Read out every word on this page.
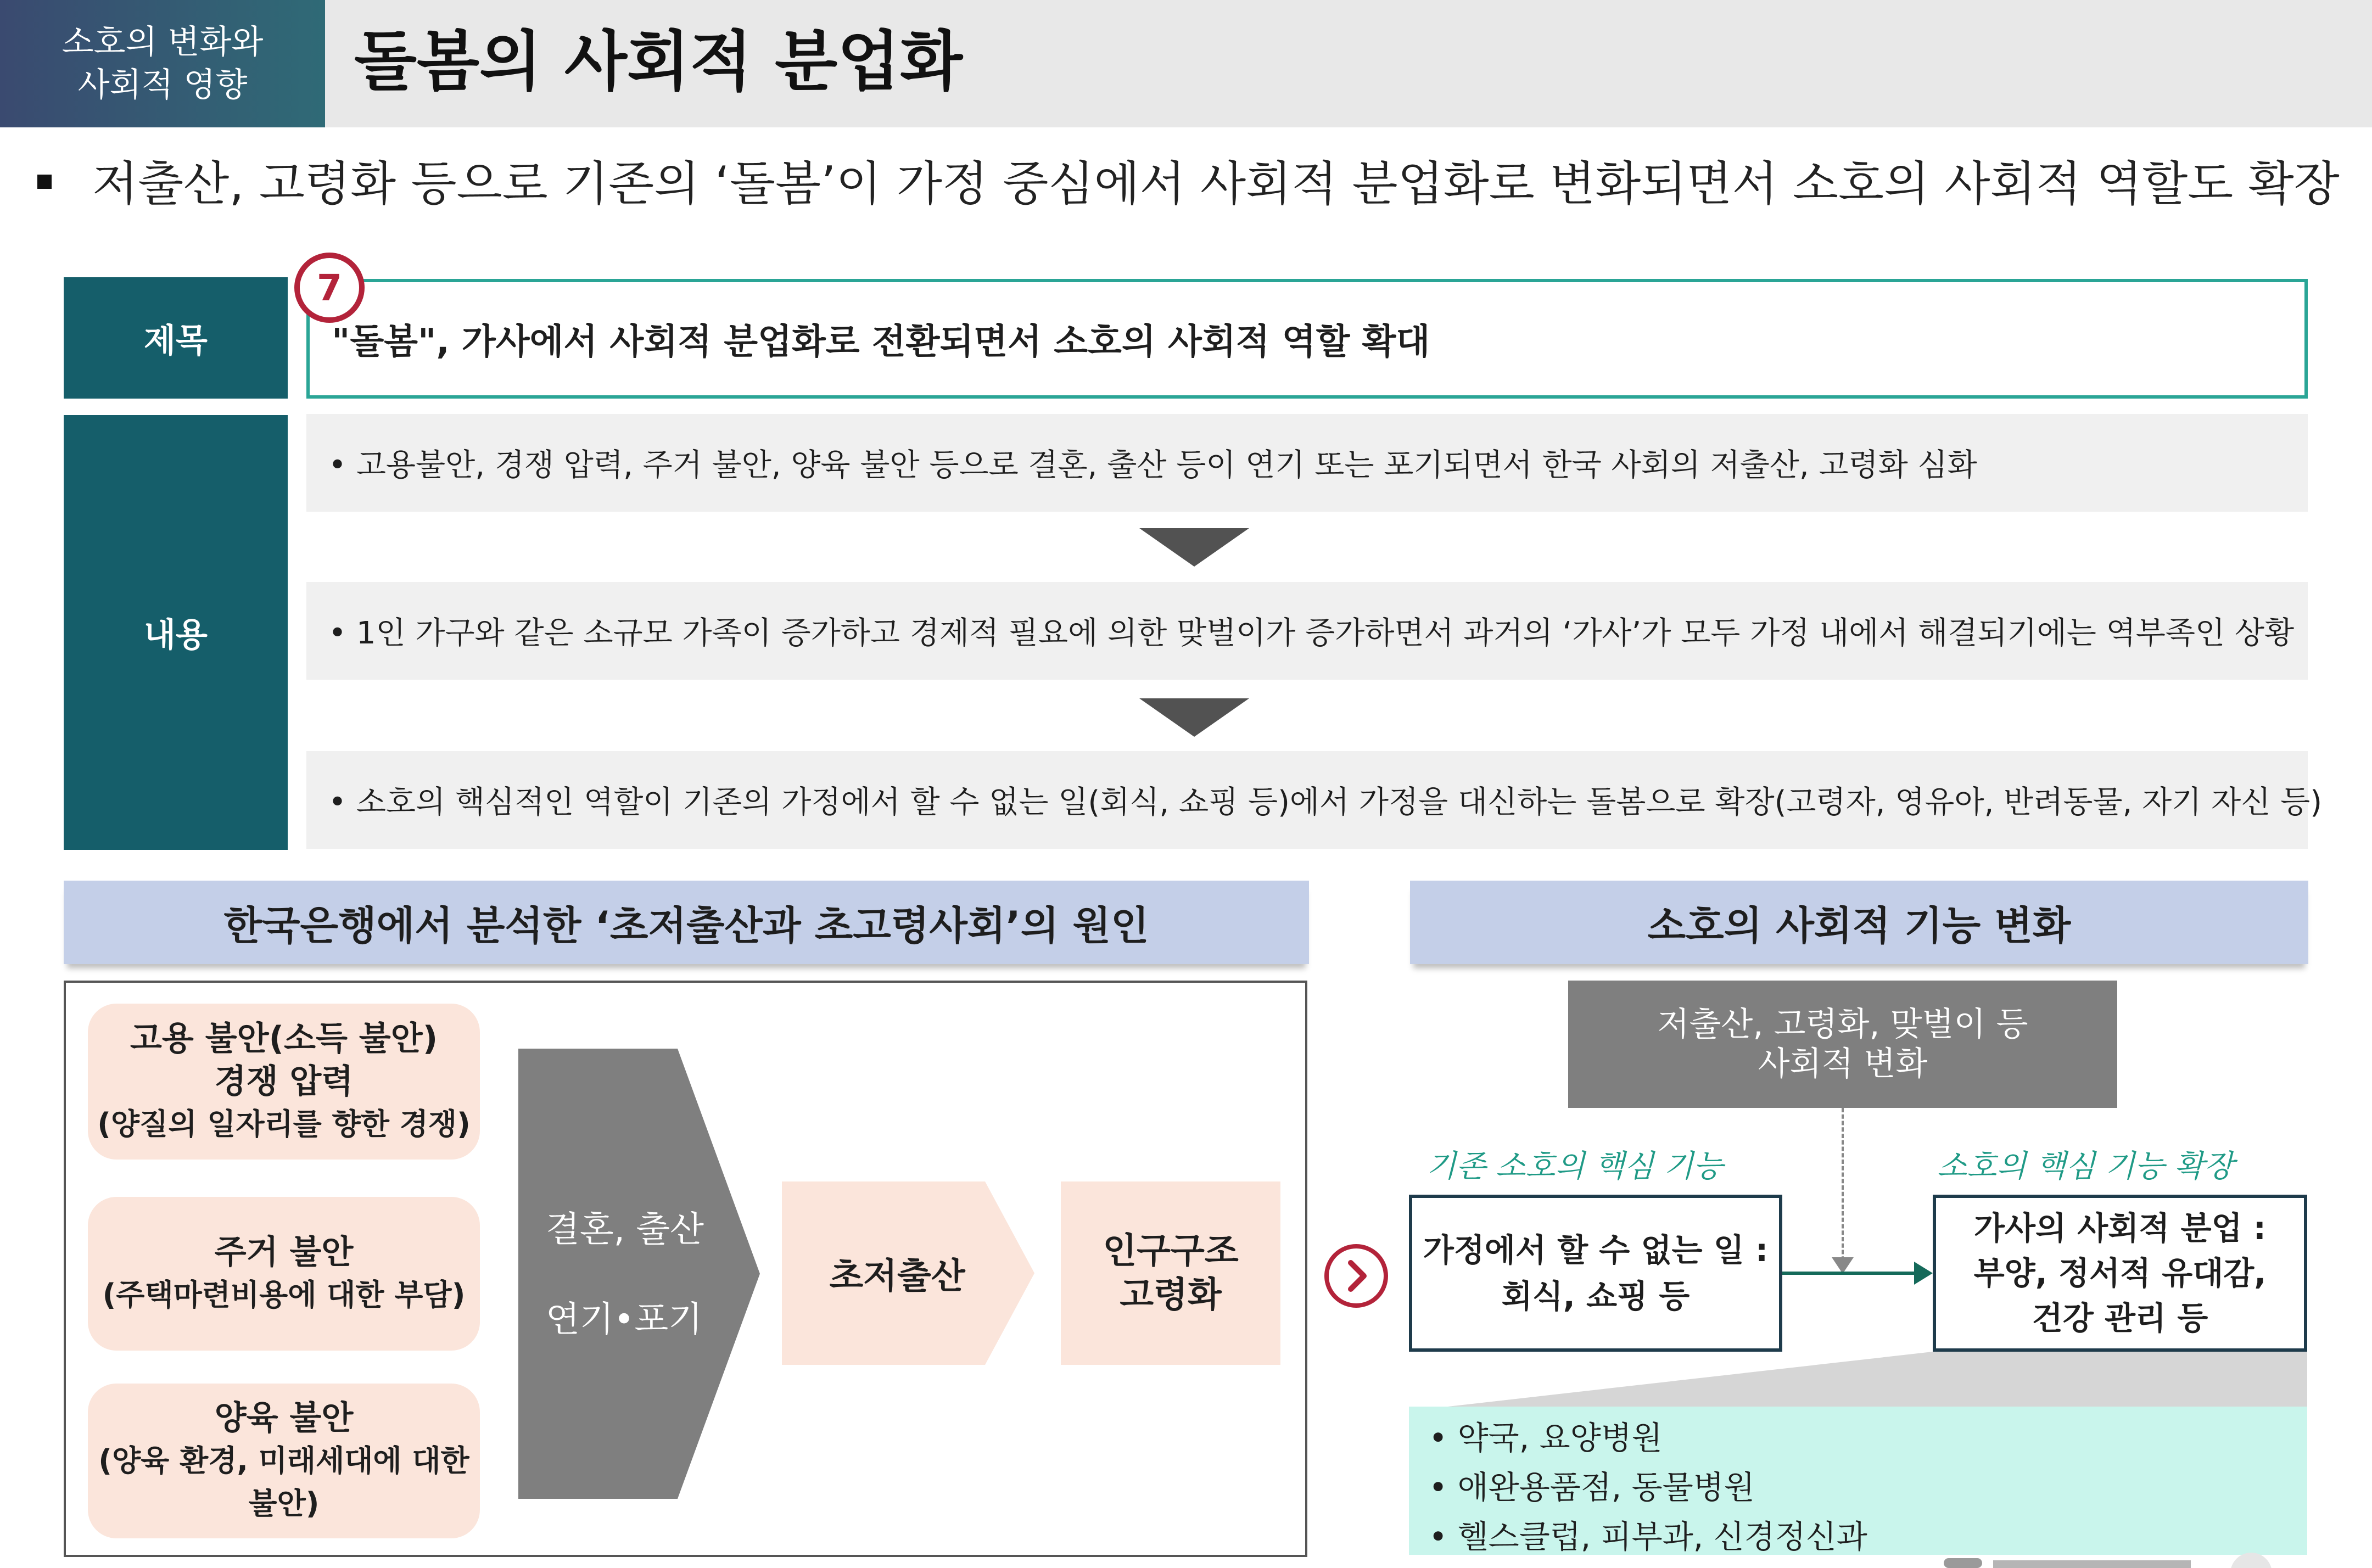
소호의 변화와
사회적 영향 돌봄의 사회적 분업화
저출산, 고령화 등으로 기존의 ‘돌봄’이 가정 중심에서 사회적 분업화로 변화되면서 소호의 사회적 역할도 확장
제목	"돌봄", 가사에서 사회적 분업화로 전환되면서 소호의 사회적 역할 확대
7
내용
• 고용불안, 경쟁 압력, 주거 불안, 양육 불안 등으로 결혼, 출산 등이 연기 또는 포기되면서 한국 사회의 저출산, 고령화 심화
• 1인 가구와 같은 소규모 가족이 증가하고 경제적 필요에 의한 맞벌이가 증가하면서 과거의 ‘가사’가 모두 가정 내에서 해결되기에는 역부족인 상황
• 소호의 핵심적인 역할이 기존의 가정에서 할 수 없는 일(회식, 쇼핑 등)에서 가정을 대신하는 돌봄으로 확장(고령자, 영유아, 반려동물, 자기 자신 등)
한국은행에서 분석한 ‘초저출산과 초고령사회’의 원인	소호의 사회적 기능 변화
고용 불안(소득 불안)
경쟁 압력
(양질의 일자리를 향한 경쟁)
주거 불안
(주택마련비용에 대한 부담)
양육 불안
(양육 환경, 미래세대에 대한
불안)
결혼, 출산
연기•포기
초저출산
인구구조
고령화
저출산, 고령화, 맞벌이 등
사회적 변화
기존 소호의 핵심 기능	소호의 핵심 기능 확장
가정에서 할 수 없는 일 :
회식, 쇼핑 등
가사의 사회적 분업 :
부양, 정서적 유대감,
건강 관리 등
• 약국, 요양병원
• 애완용품점, 동물병원
• 헬스클럽, 피부과, 신경정신과
